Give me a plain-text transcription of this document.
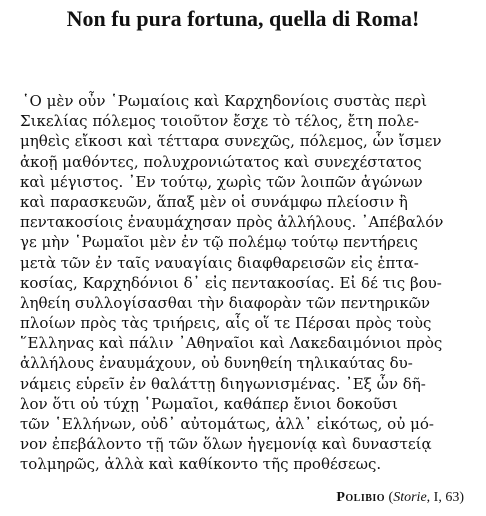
Non fu pura fortuna, quella di Roma!
῾Ο μὲν οὖν ῾Ρωμαίοις καὶ Καρχηδονίοις συστὰς περὶ
Σικελίας πόλεμος τοιοῦτον ἔσχε τὸ τέλος, ἔτη πολε-
μηθεὶς εἴκοσι καὶ τέτταρα συνεχῶς, πόλεμος, ὧν ἴσμεν
ἀκοῇ μαθόντες, πολυχρονιώτατος καὶ συνεχέστατος
καὶ μέγιστος. ᾿Εν τούτῳ, χωρὶς τῶν λοιπῶν ἀγώνων
καὶ παρασκευῶν, ἅπαξ μὲν οἱ συνάμφω πλείοσιν ἢ
πεντακοσίοις ἐναυμάχησαν πρὸς ἀλλήλους. ᾿Απέβαλόν
γε μὴν ῾Ρωμαῖοι μὲν ἐν τῷ πολέμῳ τούτῳ πεντήρεις
μετὰ τῶν ἐν ταῖς ναυαγίαις διαφθαρεισῶν εἰς ἑπτα-
κοσίας, Καρχηδόνιοι δ᾿ εἰς πεντακοσίας. Εἰ δέ τις βου-
ληθείη συλλογίσασθαι τὴν διαφορὰν τῶν πεντηρικῶν
πλοίων πρὸς τὰς τριήρεις, αἷς οἵ τε Πέρσαι πρὸς τοὺς
῞Ελληνας καὶ πάλιν ᾿Αθηναῖοι καὶ Λακεδαιμόνιοι πρὸς
ἀλλήλους ἐναυμάχουν, οὐ δυνηθείη τηλικαύτας δυ-
νάμεις εὑρεῖν ἐν θαλάττῃ διηγωνισμένας. ᾿Εξ ὧν δῆ-
λον ὅτι οὐ τύχῃ ῾Ρωμαῖοι, καθάπερ ἔνιοι δοκοῦσι
τῶν ῾Ελλήνων, οὐδ᾿ αὐτομάτως, ἀλλ᾿ εἰκότως, οὐ μό-
νον ἐπεβάλοντο τῇ τῶν ὅλων ἡγεμονίᾳ καὶ δυναστείᾳ
τολμηρῶς, ἀλλὰ καὶ καθίκοντο τῆς προθέσεως.
Polibio (Storie, I, 63)
